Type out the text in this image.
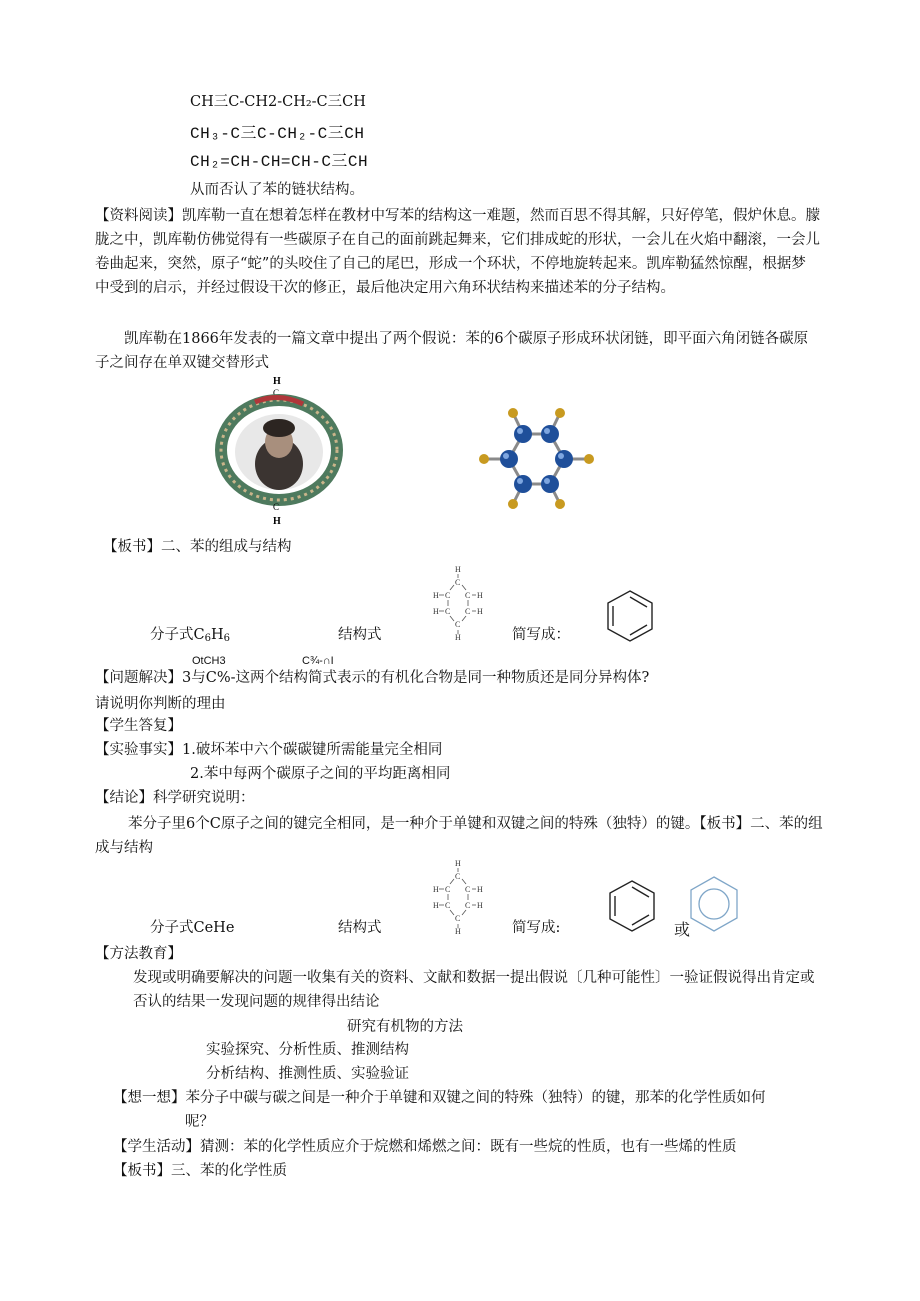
CH三C-CH2-CH₂-C三CH
CH₃-C三C-CH₂-C三CH
CH₂=CH-CH=CH-C三CH
从而否认了苯的链状结构。
【资料阅读】凯库勒一直在想着怎样在教材中写苯的结构这一难题，然而百思不得其解，只好停笔，假炉休息。朦胧之中，凯库勒仿佛觉得有一些碳原子在自己的面前跳起舞来，它们排成蛇的形状，一会儿在火焰中翻滚，一会儿卷曲起来，突然，原子“蛇”的头咬住了自己的尾巴，形成一个环状，不停地旋转起来。凯库勒猛然惊醒，根据梦中受到的启示，并经过假设干次的修正，最后他决定用六角环状结构来描述苯的分子结构。
凯库勒在1866年发表的一篇文章中提出了两个假说：苯的6个碳原子形成环状闭链，即平面六角闭链各碳原子之间存在单双键交替形式
H
C
C
H
【板书】二、苯的组成与结构
分子式$C_6H_6$	结构式
H
C
H C C H
H C C H
C
H	简写成：
OtCH3	C¾-∩I
【问题解决】3与C%-这两个结构简式表示的有机化合物是同一种物质还是同分异构体?
请说明你判断的理由
【学生答复】
【实验事实】1.破坏苯中六个碳碳键所需能量完全相同
2.苯中每两个碳原子之间的平均距离相同
【结论】科学研究说明：
苯分子里6个C原子之间的键完全相同，是一种介于单键和双键之间的特殊（独特）的键。【板书】二、苯的组成与结构
H
C
H C C H
H C C H
C
H
分子式CeHe	结构式	简写成:	或
【方法教育】
发现或明确要解决的问题一收集有关的资料、文献和数据一提出假说〔几种可能性〕一验证假说得出肯定或否认的结果一发现问题的规律得出结论
研究有机物的方法
实验探究、分析性质、推测结构
分析结构、推测性质、实验验证
【想一想】苯分子中碳与碳之间是一种介于单键和双键之间的特殊（独特）的键，那苯的化学性质如何
呢？
【学生活动】猜测：苯的化学性质应介于烷燃和烯燃之间：既有一些烷的性质，也有一些烯的性质
【板书】三、苯的化学性质
